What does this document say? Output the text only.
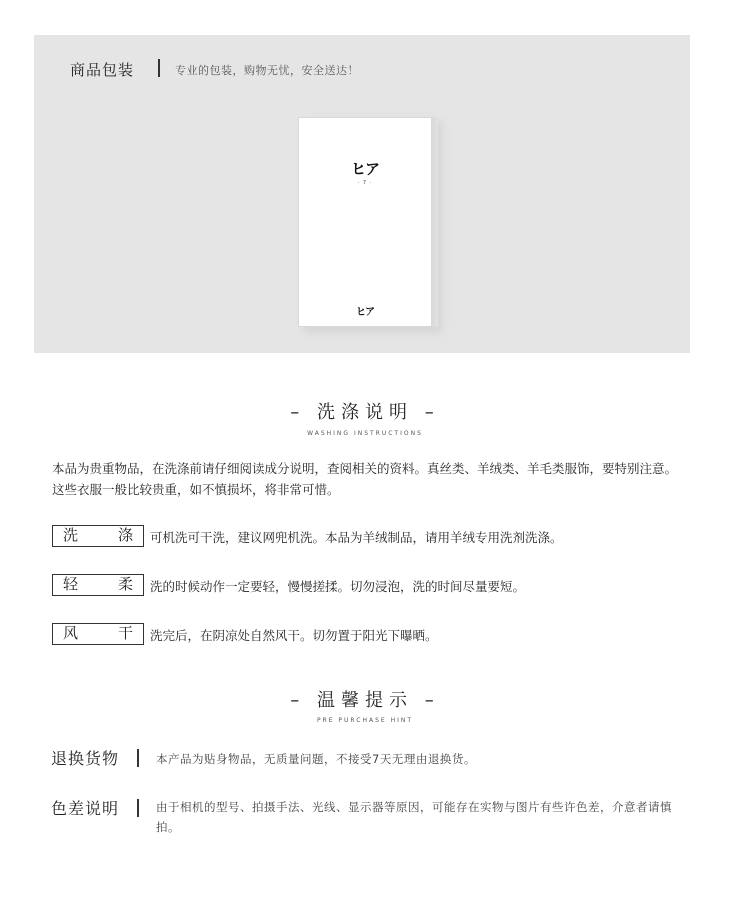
商品包装	专业的包装，购物无忧，安全送达！
ヒア
· 7 ·
ヒア
– 洗涤说明 –
WASHING INSTRUCTIONS
本品为贵重物品，在洗涤前请仔细阅读成分说明，查阅相关的资料。真丝类、羊绒类、羊毛类服饰，要特别注意。这些衣服一般比较贵重，如不慎损坏，将非常可惜。
洗	涤 可机洗可干洗，建议网兜机洗。本品为羊绒制品，请用羊绒专用洗剂洗涤。
轻	柔 洗的时候动作一定要轻，慢慢搓揉。切勿浸泡，洗的时间尽量要短。
风	干 洗完后，在阴凉处自然风干。切勿置于阳光下曝晒。
– 温馨提示 –
PRE PURCHASE HINT
退换货物	本产品为贴身物品，无质量问题，不接受7天无理由退换货。
色差说明	由于相机的型号、拍摄手法、光线、显示器等原因，可能存在实物与图片有些许色差，介意者请慎拍。
